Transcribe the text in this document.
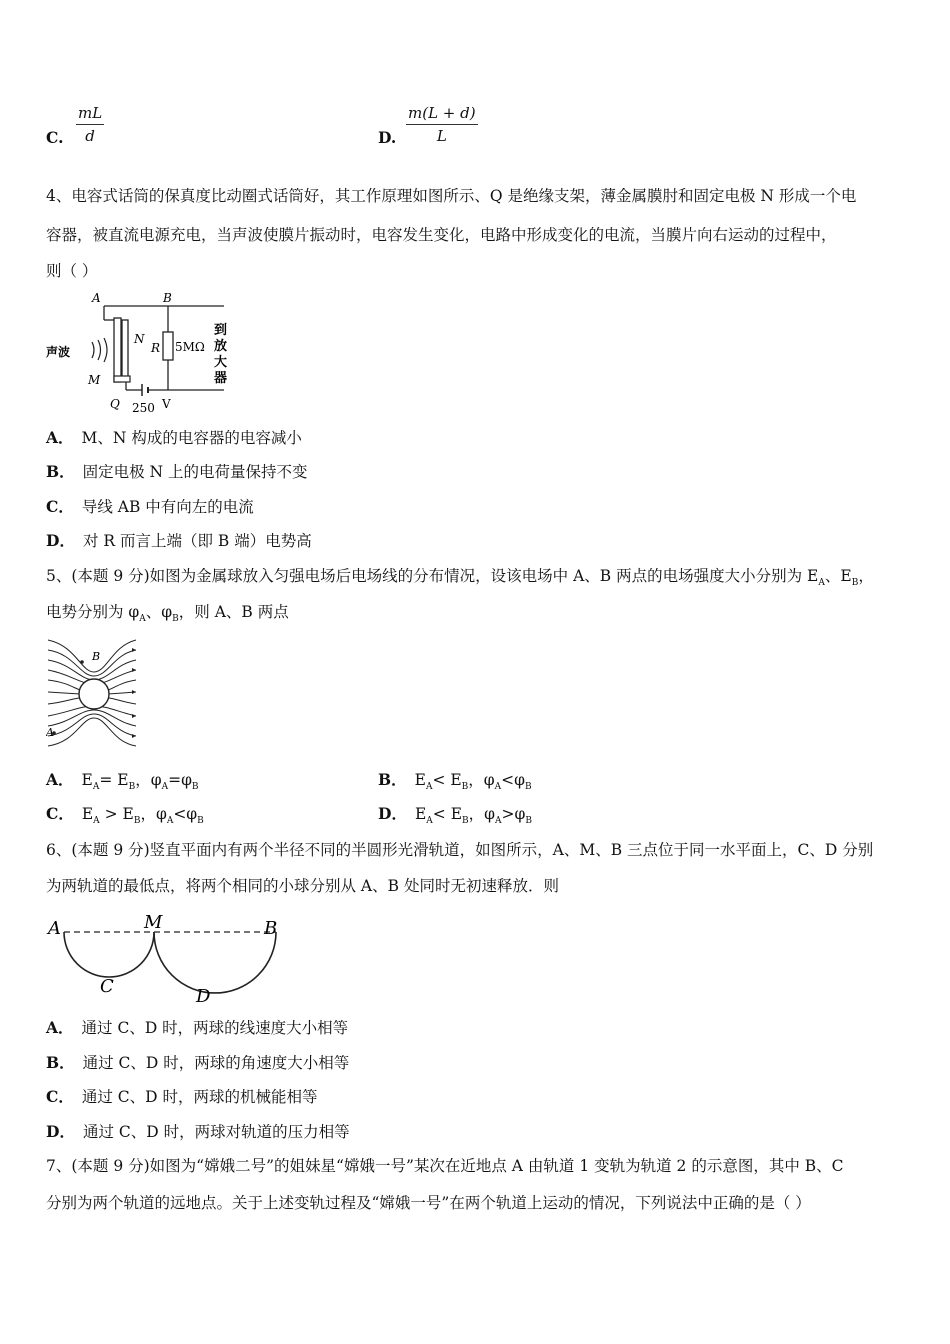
C. $\frac{mL}{d}$	D. $\frac{m(L + d)}{L}$
4、电容式话筒的保真度比动圈式话筒好，其工作原理如图所示、Q 是绝缘支架，薄金属膜肘和固定电极 N 形成一个电
容器，被直流电源充电，当声波使膜片振动时，电容发生变化，电路中形成变化的电流，当膜片向右运动的过程中，
则（ ）
A	B
N
R 5MΩ
声波
M
Q 250 V
到
放
大
器
A． M、N 构成的电容器的电容减小
B． 固定电极 N 上的电荷量保持不变
C． 导线 AB 中有向左的电流
D． 对 R 而言上端（即 B 端）电势高
5、(本题 9 分)如图为金属球放入匀强电场后电场线的分布情况，设该电场中 A、B 两点的电场强度大小分别为 $E_A$、$E_B$，
电势分别为 $\varphi_A$、$\varphi_B$，则 A、B 两点
B
A
A． $E_A= E_B$，$\varphi_A=\varphi_B$	B． $E_A< E_B$，$\varphi_A<\varphi_B$
C． $E_A > E_B$，$\varphi_A<\varphi_B$	D． $E_A< E_B$，$\varphi_A>\varphi_B$
6、(本题 9 分)竖直平面内有两个半径不同的半圆形光滑轨道，如图所示，A、M、B 三点位于同一水平面上，C、D 分别
为两轨道的最低点，将两个相同的小球分别从 A、B 处同时无初速释放．则
A	M	B
C	D
A． 通过 C、D 时，两球的线速度大小相等
B． 通过 C、D 时，两球的角速度大小相等
C． 通过 C、D 时，两球的机械能相等
D． 通过 C、D 时，两球对轨道的压力相等
7、(本题 9 分)如图为“嫦娥二号”的姐妹星“嫦娥一号”某次在近地点 A 由轨道 1 变轨为轨道 2 的示意图，其中 B、C
分别为两个轨道的远地点。关于上述变轨过程及“嫦娥一号”在两个轨道上运动的情况，下列说法中正确的是（ ）
